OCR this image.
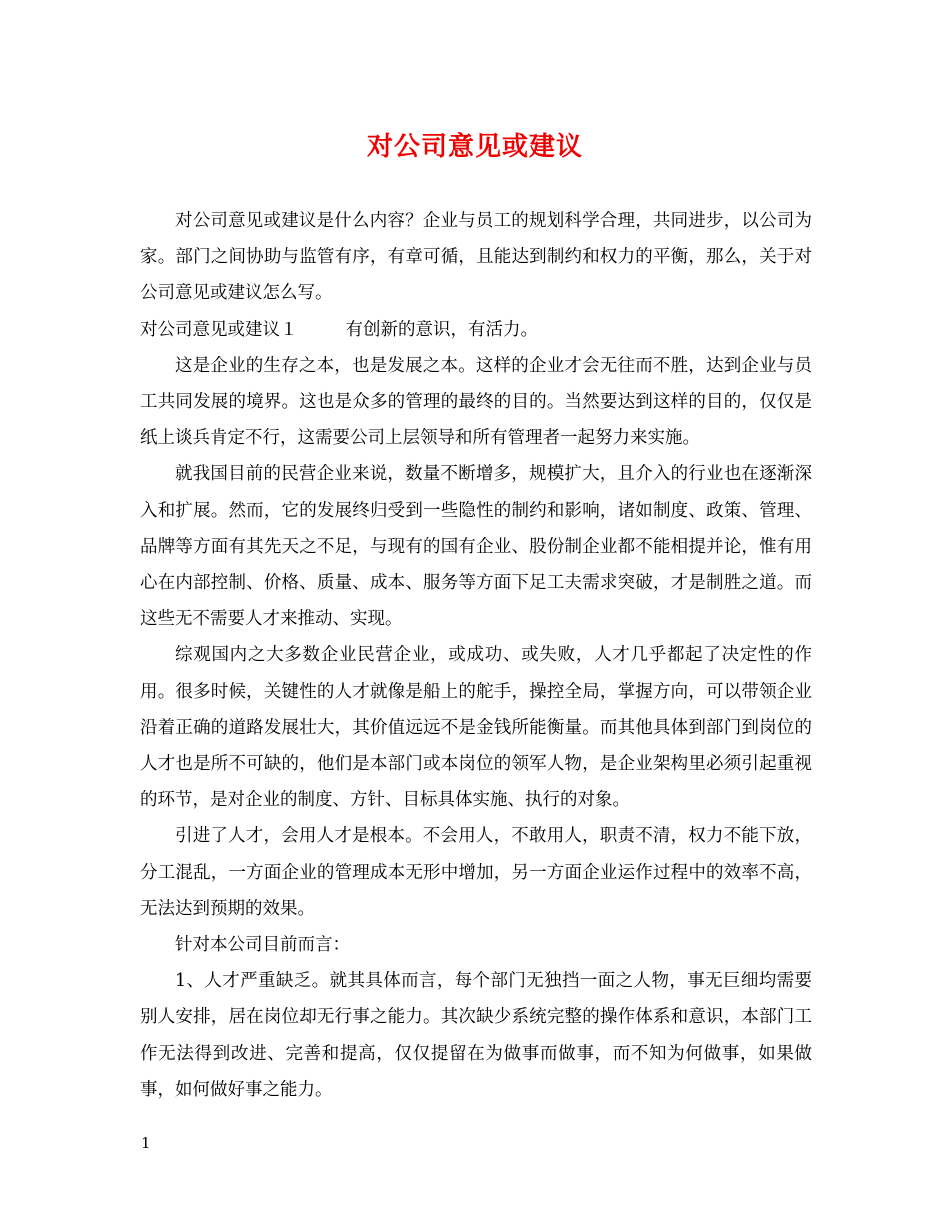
对公司意见或建议

对公司意见或建议是什么内容？企业与员工的规划科学合理，共同进步，以公司为家。部门之间协助与监管有序，有章可循，且能达到制约和权力的平衡，那么，关于对公司意见或建议怎么写。

对公司意见或建议１	有创新的意识，有活力。

这是企业的生存之本，也是发展之本。这样的企业才会无往而不胜，达到企业与员工共同发展的境界。这也是众多的管理的最终的目的。当然要达到这样的目的，仅仅是纸上谈兵肯定不行，这需要公司上层领导和所有管理者一起努力来实施。

就我国目前的民营企业来说，数量不断增多，规模扩大，且介入的行业也在逐渐深入和扩展。然而，它的发展终归受到一些隐性的制约和影响，诸如制度、政策、管理、品牌等方面有其先天之不足，与现有的国有企业、股份制企业都不能相提并论，惟有用心在内部控制、价格、质量、成本、服务等方面下足工夫需求突破，才是制胜之道。而这些无不需要人才来推动、实现。

综观国内之大多数企业民营企业，或成功、或失败，人才几乎都起了决定性的作用。很多时候，关键性的人才就像是船上的舵手，操控全局，掌握方向，可以带领企业沿着正确的道路发展壮大，其价值远远不是金钱所能衡量。而其他具体到部门到岗位的人才也是所不可缺的，他们是本部门或本岗位的领军人物，是企业架构里必须引起重视的环节，是对企业的制度、方针、目标具体实施、执行的对象。

引进了人才，会用人才是根本。不会用人，不敢用人，职责不清，权力不能下放，分工混乱，一方面企业的管理成本无形中增加，另一方面企业运作过程中的效率不高，无法达到预期的效果。

针对本公司目前而言：

1、人才严重缺乏。就其具体而言，每个部门无独挡一面之人物，事无巨细均需要别人安排，居在岗位却无行事之能力。其次缺少系统完整的操作体系和意识，本部门工作无法得到改进、完善和提高，仅仅提留在为做事而做事，而不知为何做事，如果做事，如何做好事之能力。

1
